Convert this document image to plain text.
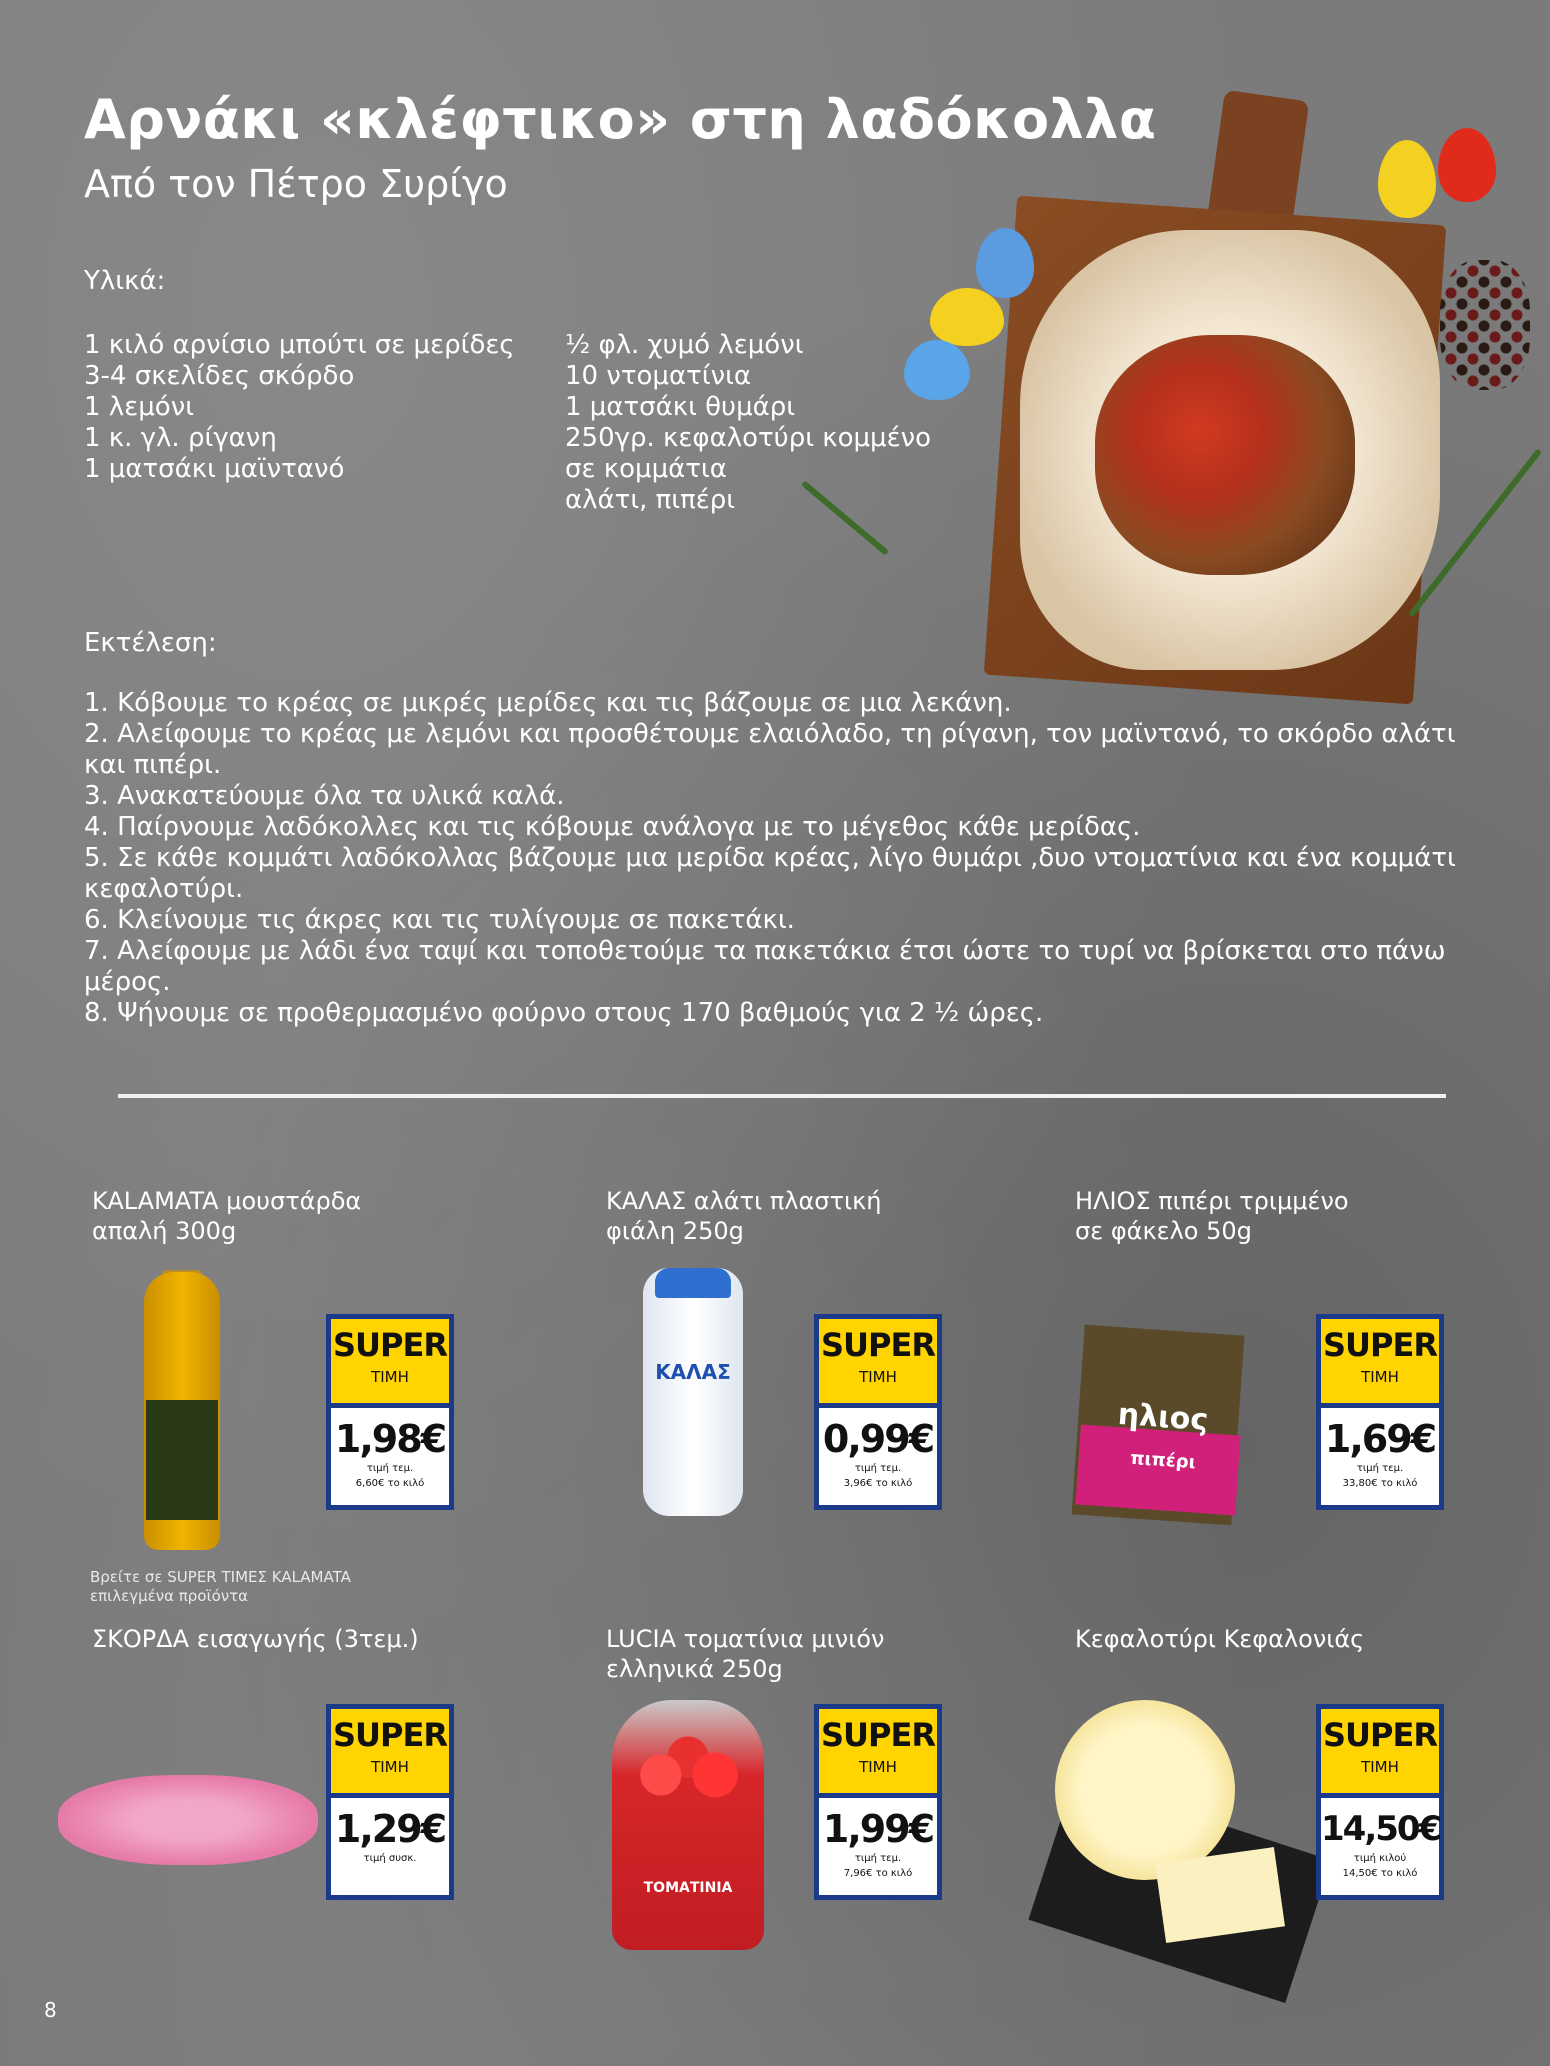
Αρνάκι «κλέφτικο» στη λαδόκολλα
Από τον Πέτρο Συρίγο
Υλικά:
1 κιλό αρνίσιο μπούτι σε μερίδες
3-4 σκελίδες σκόρδο
1 λεμόνι
1 κ. γλ. ρίγανη
1 ματσάκι μαϊντανό
½ φλ. χυμό λεμόνι
10 ντοματίνια
1 ματσάκι θυμάρι
250γρ. κεφαλοτύρι κομμένο
σε κομμάτια
αλάτι, πιπέρι
Εκτέλεση:
1. Κόβουμε το κρέας σε μικρές μερίδες και τις βάζουμε σε μια λεκάνη.
2. Αλείφουμε το κρέας με λεμόνι και προσθέτουμε ελαιόλαδο, τη ρίγανη, τον μαϊντανό, το σκόρδο αλάτι και πιπέρι.
3. Ανακατεύουμε όλα τα υλικά καλά.
4. Παίρνουμε λαδόκολλες και τις κόβουμε ανάλογα με το μέγεθος κάθε μερίδας.
5. Σε κάθε κομμάτι λαδόκολλας βάζουμε μια μερίδα κρέας, λίγο θυμάρι ,δυο ντοματίνια και ένα κομμάτι κεφαλοτύρι.
6. Κλείνουμε τις άκρες και τις τυλίγουμε σε πακετάκι.
7. Αλείφουμε με λάδι ένα ταψί και τοποθετούμε τα πακετάκια έτσι ώστε το τυρί να βρίσκεται στο πάνω μέρος.
8. Ψήνουμε σε προθερμασμένο φούρνο στους 170 βαθμούς για 2 ½ ώρες.
KALAMATA μουστάρδα
απαλή 300g
SUPER
ΤΙΜΗ
1,98€
τιμή τεμ.
6,60€ το κιλό
Βρείτε σε SUPER ΤΙΜΕΣ KALAMATA
επιλεγμένα προϊόντα
ΚΑΛΑΣ αλάτι πλαστική
φιάλη 250g
ΚΑΛΑΣ
SUPER
ΤΙΜΗ
0,99€
τιμή τεμ.
3,96€ το κιλό
ΗΛΙΟΣ πιπέρι τριμμένο
σε φάκελο 50g
ηλιος
πιπέρι
SUPER
ΤΙΜΗ
1,69€
τιμή τεμ.
33,80€ το κιλό
ΣΚΟΡΔΑ εισαγωγής (3τεμ.)
SUPER
ΤΙΜΗ
1,29€
τιμή συσκ.
LUCIA τοματίνια μινιόν
ελληνικά 250g
ΤΟΜΑΤΙΝΙΑ
SUPER
ΤΙΜΗ
1,99€
τιμή τεμ.
7,96€ το κιλό
Κεφαλοτύρι Κεφαλονιάς
SUPER
ΤΙΜΗ
14,50€
τιμή κιλού
14,50€ το κιλό
8
